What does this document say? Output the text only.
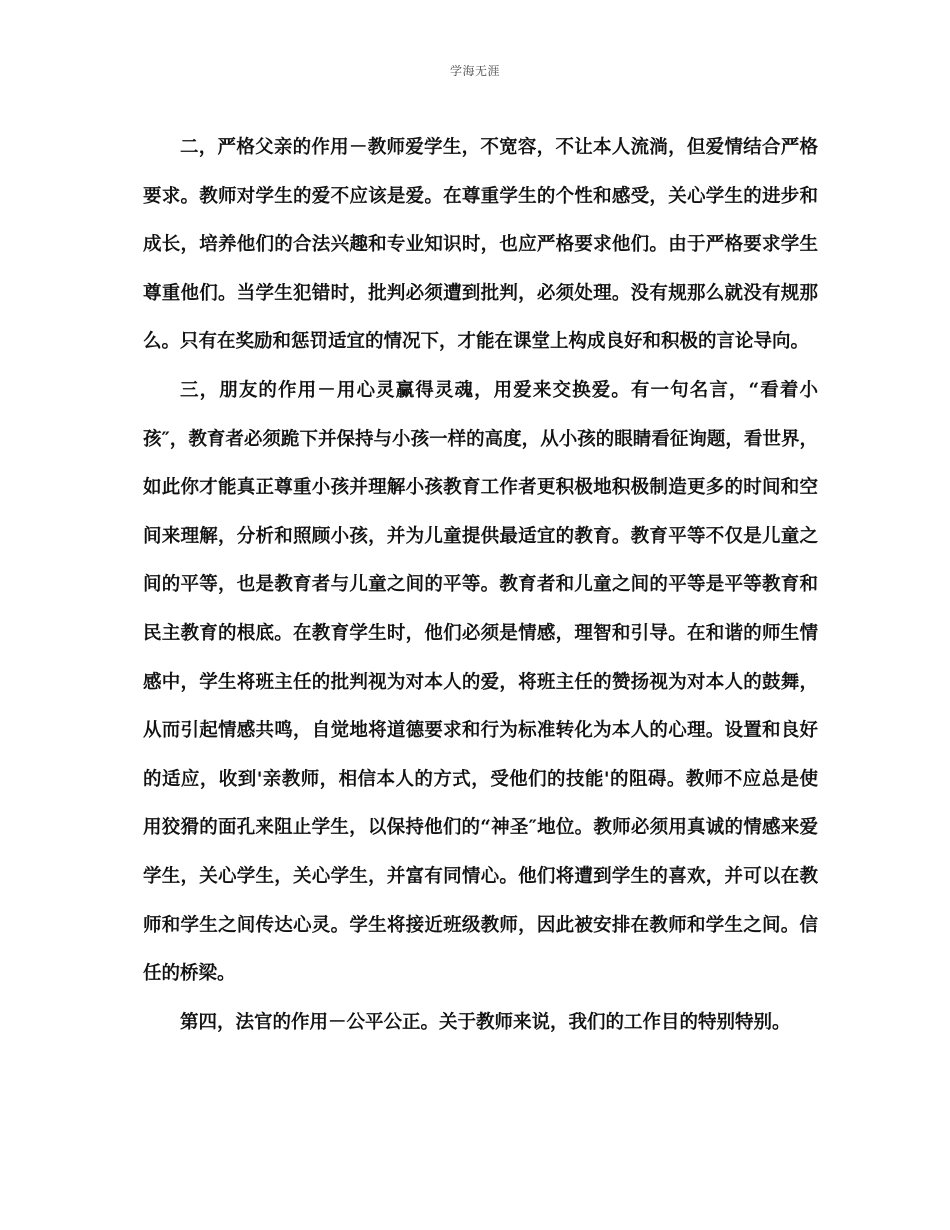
学海无涯

二，严格父亲的作用－教师爱学生，不宽容，不让本人流淌，但爱情结合严格要求。教师对学生的爱不应该是爱。在尊重学生的个性和感受，关心学生的进步和成长，培养他们的合法兴趣和专业知识时，也应严格要求他们。由于严格要求学生尊重他们。当学生犯错时，批判必须遭到批判，必须处理。没有规那么就没有规那么。只有在奖励和惩罚适宜的情况下，才能在课堂上构成良好和积极的言论导向。

三，朋友的作用－用心灵赢得灵魂，用爱来交换爱。有一句名言，“看着小孩″，教育者必须跪下并保持与小孩一样的高度，从小孩的眼睛看征询题，看世界，如此你才能真正尊重小孩并理解小孩教育工作者更积极地积极制造更多的时间和空间来理解，分析和照顾小孩，并为儿童提供最适宜的教育。教育平等不仅是儿童之间的平等，也是教育者与儿童之间的平等。教育者和儿童之间的平等是平等教育和民主教育的根底。在教育学生时，他们必须是情感，理智和引导。在和谐的师生情感中，学生将班主任的批判视为对本人的爱，将班主任的赞扬视为对本人的鼓舞，从而引起情感共鸣，自觉地将道德要求和行为标准转化为本人的心理。设置和良好的适应，收到'亲教师，相信本人的方式，受他们的技能'的阻碍。教师不应总是使用狡猾的面孔来阻止学生，以保持他们的“神圣″地位。教师必须用真诚的情感来爱学生，关心学生，关心学生，并富有同情心。他们将遭到学生的喜欢，并可以在教师和学生之间传达心灵。学生将接近班级教师，因此被安排在教师和学生之间。信任的桥梁。

第四，法官的作用－公平公正。关于教师来说，我们的工作目的特别特别。
